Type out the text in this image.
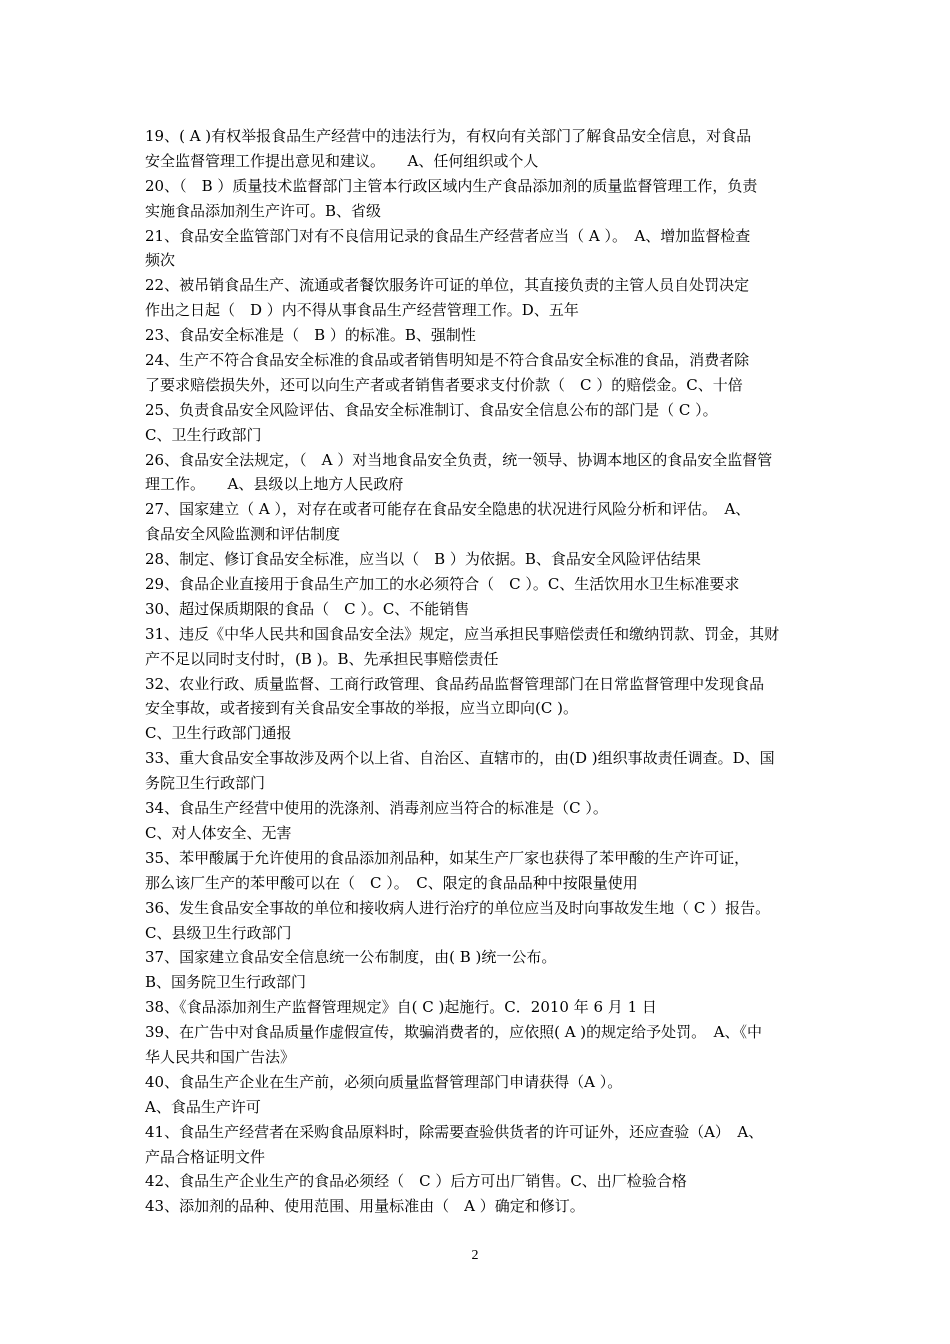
19、( A )有权举报食品生产经营中的违法行为，有权向有关部门了解食品安全信息，对食品
安全监督管理工作提出意见和建议。　　A、任何组织或个人
20、（　B ）质量技术监督部门主管本行政区域内生产食品添加剂的质量监督管理工作，负责
实施食品添加剂生产许可。B、省级
21、食品安全监管部门对有不良信用记录的食品生产经营者应当（ A ）。　A、增加监督检查
频次
22、被吊销食品生产、流通或者餐饮服务许可证的单位，其直接负责的主管人员自处罚决定
作出之日起（　D ）内不得从事食品生产经营管理工作。D、五年
23、食品安全标准是（　B ）的标准。B、强制性
24、生产不符合食品安全标准的食品或者销售明知是不符合食品安全标准的食品，消费者除
了要求赔偿损失外，还可以向生产者或者销售者要求支付价款（　C ）的赔偿金。C、十倍
25、负责食品安全风险评估、食品安全标准制订、食品安全信息公布的部门是（ C ）。
C、卫生行政部门
26、食品安全法规定，（　A ）对当地食品安全负责，统一领导、协调本地区的食品安全监督管
理工作。　　A、县级以上地方人民政府
27、国家建立（ A ），对存在或者可能存在食品安全隐患的状况进行风险分析和评估。　A、
食品安全风险监测和评估制度
28、制定、修订食品安全标准，应当以（　B ）为依据。B、食品安全风险评估结果
29、食品企业直接用于食品生产加工的水必须符合（　C ）。C、生活饮用水卫生标准要求
30、超过保质期限的食品（　C ）。C、不能销售
31、违反《中华人民共和国食品安全法》规定，应当承担民事赔偿责任和缴纳罚款、罚金，其财
产不足以同时支付时，(B )。B、先承担民事赔偿责任
32、农业行政、质量监督、工商行政管理、食品药品监督管理部门在日常监督管理中发现食品
安全事故，或者接到有关食品安全事故的举报，应当立即向(C )。
C、卫生行政部门通报
33、重大食品安全事故涉及两个以上省、自治区、直辖市的，由(D )组织事故责任调查。D、国
务院卫生行政部门
34、食品生产经营中使用的洗涤剂、消毒剂应当符合的标准是（C ）。
C、对人体安全、无害
35、苯甲酸属于允许使用的食品添加剂品种，如某生产厂家也获得了苯甲酸的生产许可证，
那么该厂生产的苯甲酸可以在（　C ）。　C、限定的食品品种中按限量使用
36、发生食品安全事故的单位和接收病人进行治疗的单位应当及时向事故发生地（ C ）报告。
C、县级卫生行政部门
37、国家建立食品安全信息统一公布制度，由( B )统一公布。
B、国务院卫生行政部门
38、《食品添加剂生产监督管理规定》自( C )起施行。C．2010 年 6 月 1 日
39、在广告中对食品质量作虚假宣传，欺骗消费者的，应依照( A )的规定给予处罚。　A、《中
华人民共和国广告法》
40、食品生产企业在生产前，必须向质量监督管理部门申请获得（A ）。
A、食品生产许可
41、食品生产经营者在采购食品原料时，除需要查验供货者的许可证外，还应查验（A）　A、
产品合格证明文件
42、食品生产企业生产的食品必须经（　C ）后方可出厂销售。C、出厂检验合格
43、添加剂的品种、使用范围、用量标准由（　A ）确定和修订。
2
